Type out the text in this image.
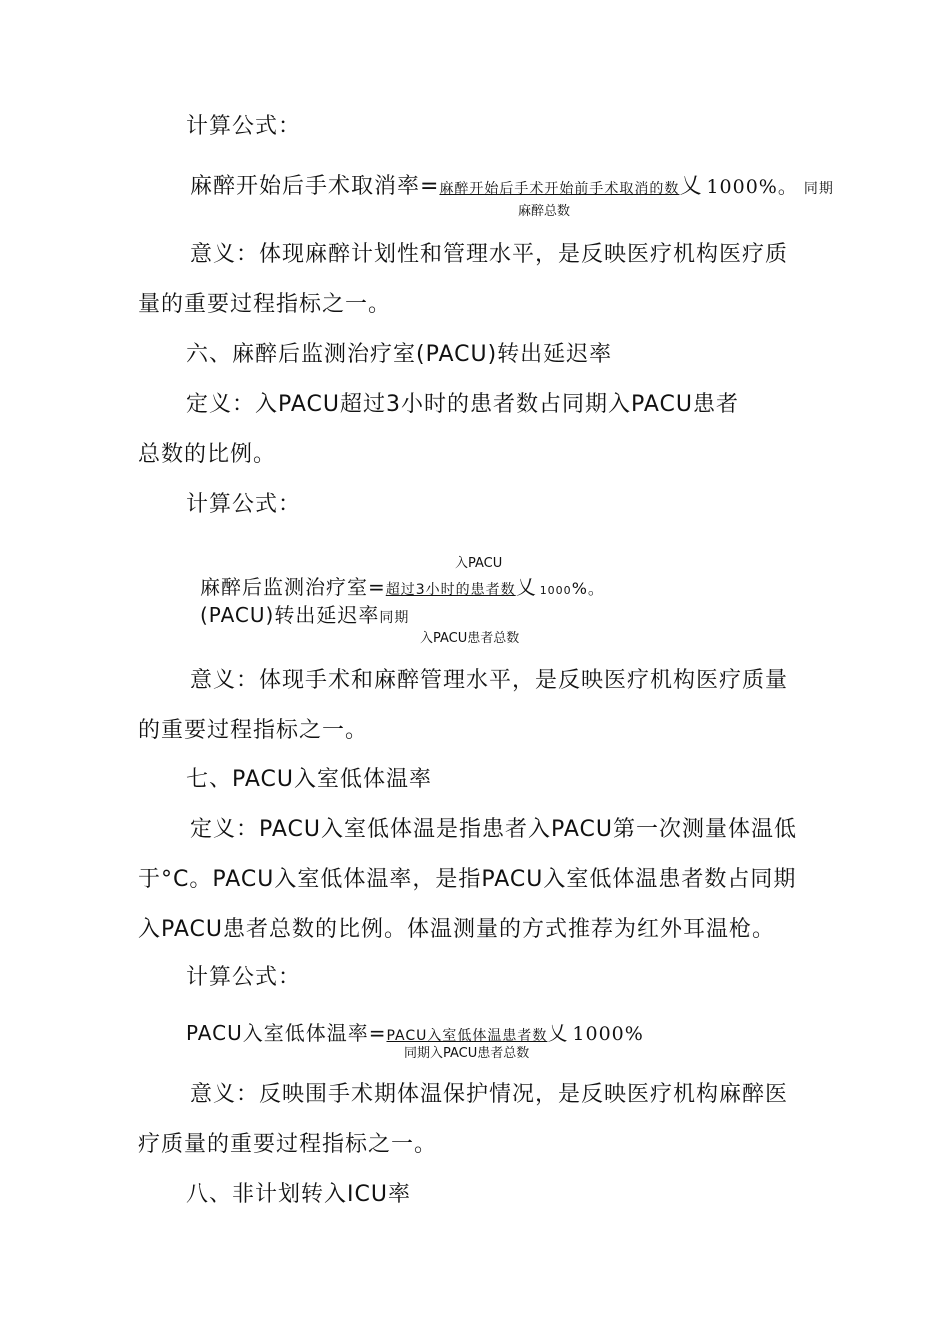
计算公式：
麻醉开始后手术取消率=麻醉开始后手术开始前手术取消的数乂 1000%。 同期
麻醉总数
意义：体现麻醉计划性和管理水平，是反映医疗机构医疗质
量的重要过程指标之一。
六、麻醉后监测治疗室(PACU)转出延迟率
定义：入PACU超过3小时的患者数占同期入PACU患者
总数的比例。
计算公式：
入PACU
麻醉后监测治疗室=超过3小时的患者数乂 1000%。
(PACU)转出延迟率同期
入PACU患者总数
意义：体现手术和麻醉管理水平，是反映医疗机构医疗质量
的重要过程指标之一。
七、PACU入室低体温率
定义：PACU入室低体温是指患者入PACU第一次测量体温低
于°C。PACU入室低体温率，是指PACU入室低体温患者数占同期
入PACU患者总数的比例。体温测量的方式推荐为红外耳温枪。
计算公式：
PACU入室低体温率=PACU入室低体温患者数乂 1000%
同期入PACU患者总数
意义：反映围手术期体温保护情况，是反映医疗机构麻醉医
疗质量的重要过程指标之一。
八、非计划转入ICU率
